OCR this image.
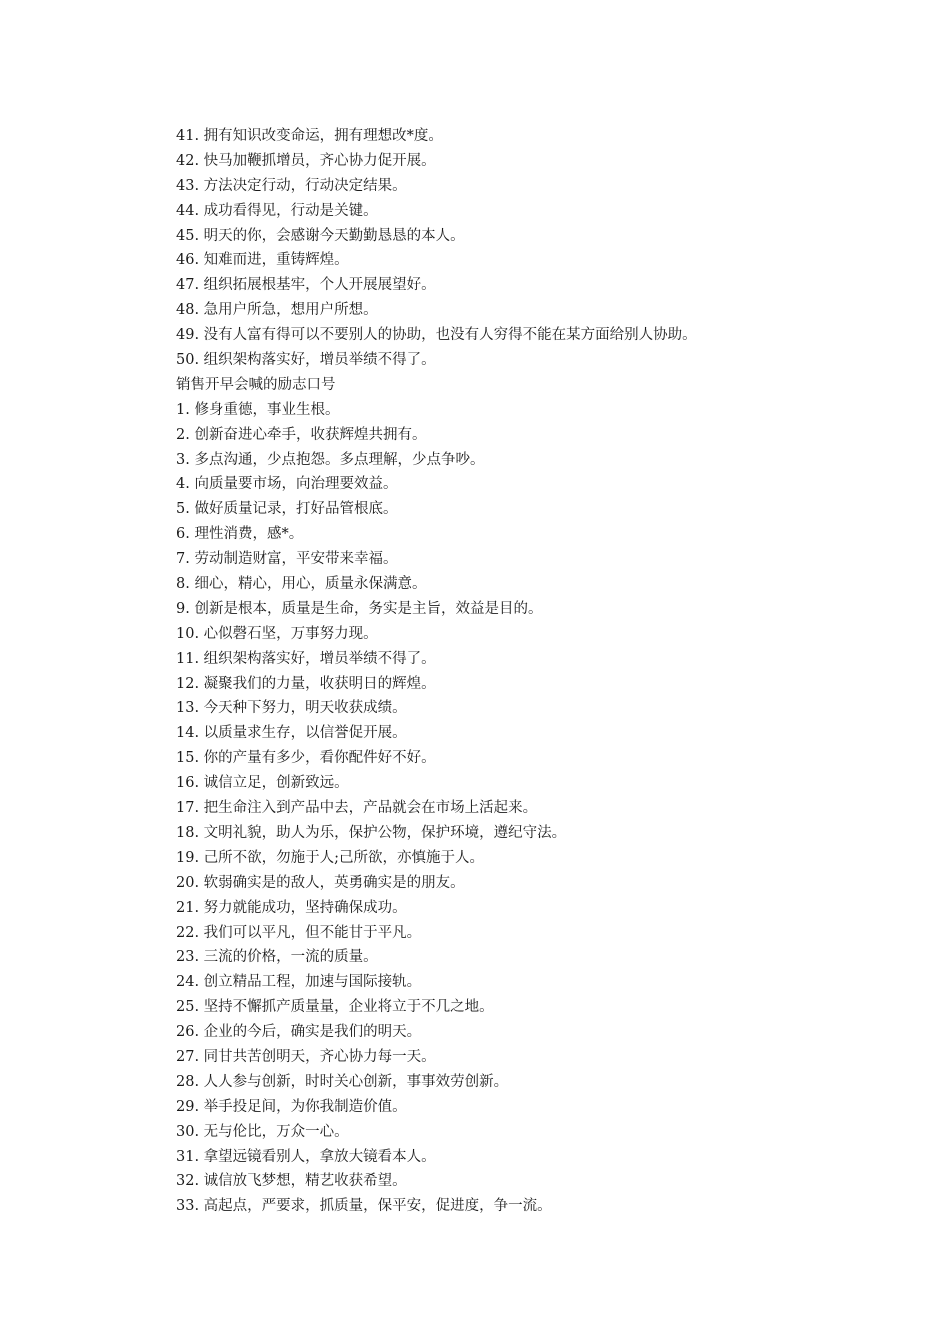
41. 拥有知识改变命运，拥有理想改*度。
42. 快马加鞭抓增员，齐心协力促开展。
43. 方法决定行动，行动决定结果。
44. 成功看得见，行动是关键。
45. 明天的你，会感谢今天勤勤恳恳的本人。
46. 知难而进，重铸辉煌。
47. 组织拓展根基牢，个人开展展望好。
48. 急用户所急，想用户所想。
49. 没有人富有得可以不要别人的协助，也没有人穷得不能在某方面给别人协助。
50. 组织架构落实好，增员举绩不得了。
销售开早会喊的励志口号
1. 修身重德，事业生根。
2. 创新奋进心牵手，收获辉煌共拥有。
3. 多点沟通，少点抱怨。多点理解，少点争吵。
4. 向质量要市场，向治理要效益。
5. 做好质量记录，打好品管根底。
6. 理性消费，感*。
7. 劳动制造财富，平安带来幸福。
8. 细心，精心，用心，质量永保满意。
9. 创新是根本，质量是生命，务实是主旨，效益是目的。
10. 心似磬石坚，万事努力现。
11. 组织架构落实好，增员举绩不得了。
12. 凝聚我们的力量，收获明日的辉煌。
13. 今天种下努力，明天收获成绩。
14. 以质量求生存，以信誉促开展。
15. 你的产量有多少，看你配件好不好。
16. 诚信立足，创新致远。
17. 把生命注入到产品中去，产品就会在市场上活起来。
18. 文明礼貌，助人为乐，保护公物，保护环境，遵纪守法。
19. 己所不欲，勿施于人;己所欲，亦慎施于人。
20. 软弱确实是的敌人，英勇确实是的朋友。
21. 努力就能成功，坚持确保成功。
22. 我们可以平凡，但不能甘于平凡。
23. 三流的价格，一流的质量。
24. 创立精品工程，加速与国际接轨。
25. 坚持不懈抓产质量量，企业将立于不几之地。
26. 企业的今后，确实是我们的明天。
27. 同甘共苦创明天，齐心协力每一天。
28. 人人参与创新，时时关心创新，事事效劳创新。
29. 举手投足间，为你我制造价值。
30. 无与伦比，万众一心。
31. 拿望远镜看别人，拿放大镜看本人。
32. 诚信放飞梦想，精艺收获希望。
33. 高起点，严要求，抓质量，保平安，促进度，争一流。
